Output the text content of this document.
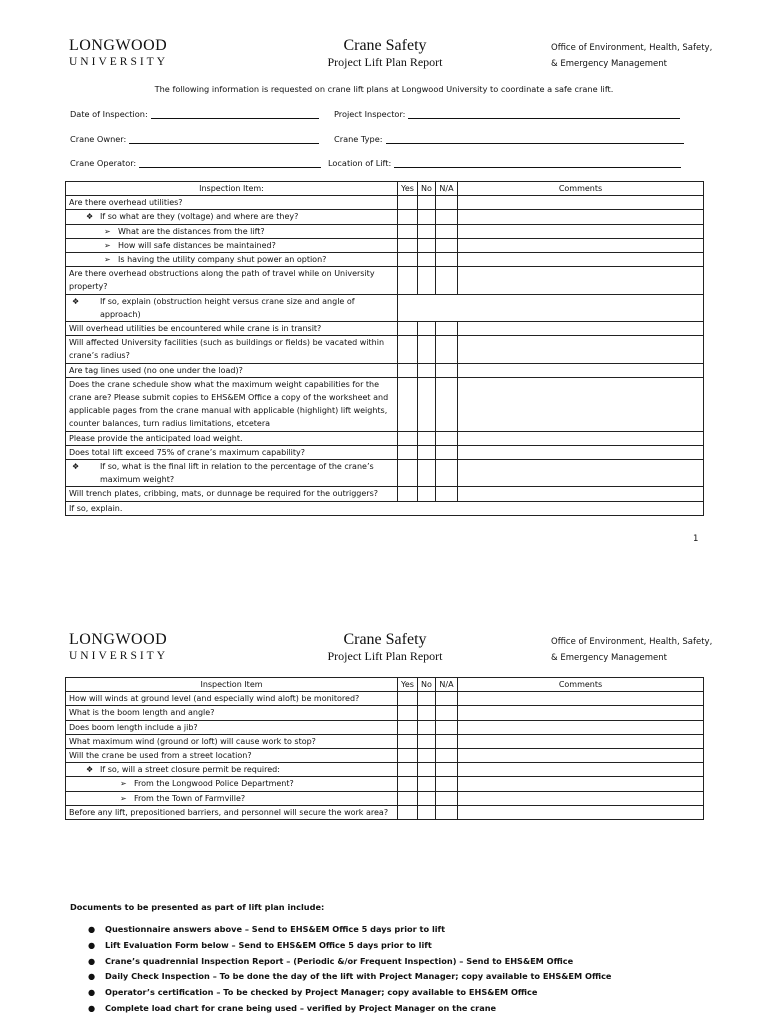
LONGWOOD
UNIVERSITY
Crane Safety
Project Lift Plan Report
Office of Environment, Health, Safety,
& Emergency Management
The following information is requested on crane lift plans at Longwood University to coordinate a safe crane lift.
Date of Inspection:	Project Inspector:
Crane Owner:	Crane Type:
Crane Operator:	Location of Lift:
Inspection Item:	Yes	No	N/A	Comments
Are there overhead utilities?				
❖ If so what are they (voltage) and where are they?				
➢ What are the distances from the lift?				
➢ How will safe distances be maintained?				
➢ Is having the utility company shut power an option?				
Are there overhead obstructions along the path of travel while on University property?				

❖ If so, explain (obstruction height versus crane size and angle of approach)				

Will overhead utilities be encountered while crane is in transit?				
Will affected University facilities (such as buildings or fields) be vacated within crane’s radius?				
Are tag lines used (no one under the load)?				
Does the crane schedule show what the maximum weight capabilities for the crane are? Please submit copies to EHS&EM Office a copy of the worksheet and applicable pages from the crane manual with applicable (highlight) lift weights, counter balances, turn radius limitations, etcetera				
Please provide the anticipated load weight.				
Does total lift exceed 75% of crane’s maximum capability?				

❖ If so, what is the final lift in relation to the percentage of the crane’s maximum weight?				

Will trench plates, cribbing, mats, or dunnage be required for the outriggers?				
If so, explain.				
1
LONGWOOD
UNIVERSITY
Crane Safety
Project Lift Plan Report
Office of Environment, Health, Safety,
& Emergency Management
Inspection Item	Yes	No	N/A	Comments
How will winds at ground level (and especially wind aloft) be monitored?				
What is the boom length and angle?				
Does boom length include a jib?				
What maximum wind (ground or loft) will cause work to stop?				
Will the crane be used from a street location?				
❖ If so, will a street closure permit be required:				
➢ From the Longwood Police Department?				
➢ From the Town of Farmville?				
Before any lift, prepositioned barriers, and personnel will secure the work area?				
Documents to be presented as part of lift plan include:
● Questionnaire answers above – Send to EHS&EM Office 5 days prior to lift
● Lift Evaluation Form below – Send to EHS&EM Office 5 days prior to lift
● Crane’s quadrennial Inspection Report – (Periodic &/or Frequent Inspection) – Send to EHS&EM Office
● Daily Check Inspection – To be done the day of the lift with Project Manager; copy available to EHS&EM Office
● Operator’s certification – To be checked by Project Manager; copy available to EHS&EM Office
● Complete load chart for crane being used – verified by Project Manager on the crane
